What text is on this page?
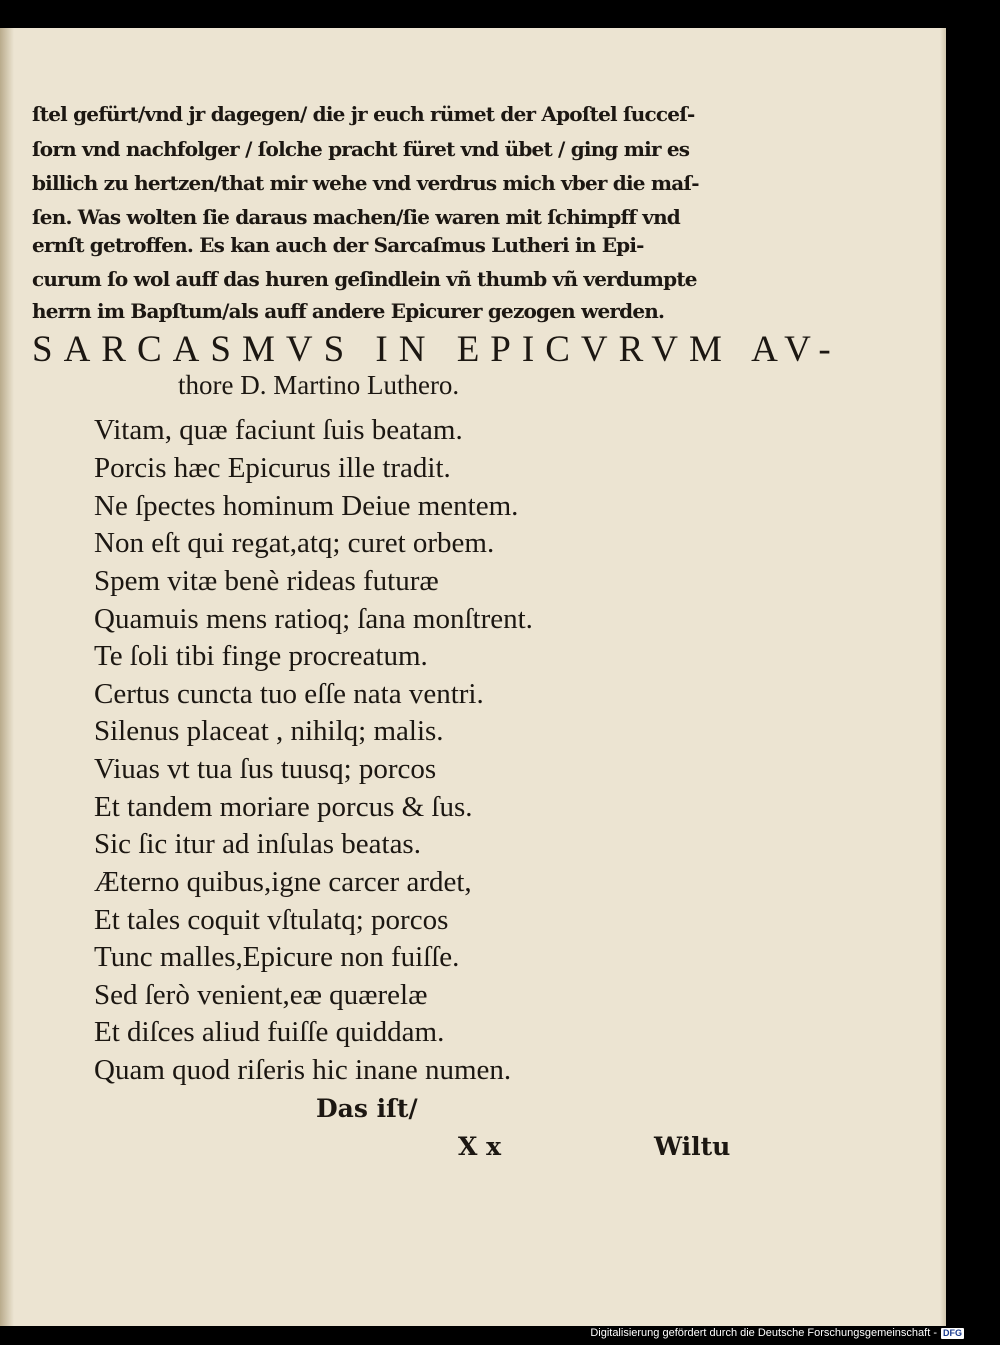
ſtel gefürt/vnd jr dagegen/ die jr euch rümet der Apoſtel ſucceſ-

ſorn vnd nachfolger / ſolche pracht füret vnd übet / ging mir es

billich zu hertzen/that mir wehe vnd verdrus mich vber die maſ-

ſen. Was wolten ſie daraus machen/ſie waren mit ſchimpff vnd

ernſt getroffen. Es kan auch der Sarcaſmus Lutheri in Epi-

curum ſo wol auff das huren geſindlein vñ thumb vñ verdumpte

herrn im Bapſtum/als auff andere Epicurer gezogen werden.

SARCASMVS IN EPICVRVM AV-

thore D. Martino Luthero.

Vitam, quæ faciunt ſuis beatam.

Porcis hæc Epicurus ille tradit.

Ne ſpectes hominum Deiue mentem.

Non eſt qui regat,atq; curet orbem.

Spem vitæ benè rideas futuræ

Quamuis mens ratioq; ſana monſtrent.

Te ſoli tibi finge procreatum.

Certus cuncta tuo eſſe nata ventri.

Silenus placeat , nihilq; malis.

Viuas vt tua ſus tuusq; porcos

Et tandem moriare porcus & ſus.

Sic ſic itur ad inſulas beatas.

Æterno quibus,igne carcer ardet,

Et tales coquit vſtulatq; porcos

Tunc malles,Epicure non fuiſſe.

Sed ſerò venient,eæ quærelæ

Et diſces aliud fuiſſe quiddam.

Quam quod riſeris hic inane numen.

Das iſt/

X x	Wiltu

Digitalisierung gefördert durch die Deutsche Forschungsgemeinschaft - DFG
